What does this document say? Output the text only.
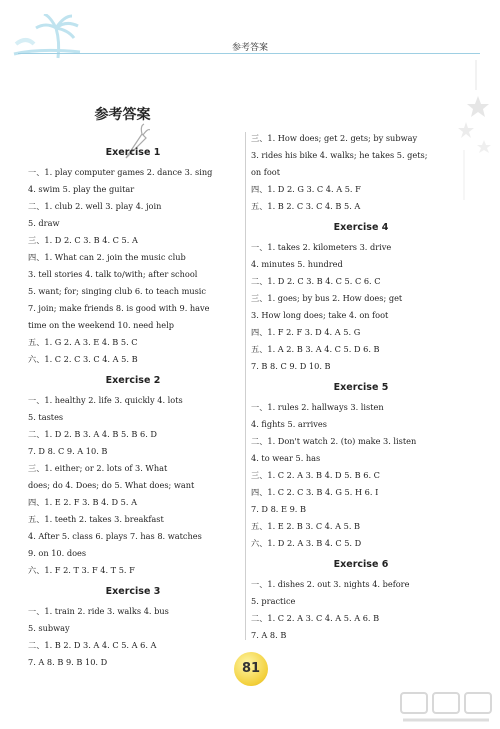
参考答案
参考答案
Exercise 1
一、1. play computer games 2. dance 3. sing
4. swim 5. play the guitar
二、1. club 2. well 3. play 4. join
5. draw
三、1. D 2. C 3. B 4. C 5. A
四、1. What can 2. join the music club
3. tell stories 4. talk to/with; after school
5. want; for; singing club 6. to teach music
7. join; make friends 8. is good with 9. have
time on the weekend 10. need help
五、1. G 2. A 3. E 4. B 5. C
六、1. C 2. C 3. C 4. A 5. B
Exercise 2
一、1. healthy 2. life 3. quickly 4. lots
5. tastes
二、1. D 2. B 3. A 4. B 5. B 6. D
7. D 8. C 9. A 10. B
三、1. either; or 2. lots of 3. What
does; do 4. Does; do 5. What does; want
四、1. E 2. F 3. B 4. D 5. A
五、1. teeth 2. takes 3. breakfast
4. After 5. class 6. plays 7. has 8. watches
9. on 10. does
六、1. F 2. T 3. F 4. T 5. F
Exercise 3
一、1. train 2. ride 3. walks 4. bus
5. subway
二、1. B 2. D 3. A 4. C 5. A 6. A
7. A 8. B 9. B 10. D
三、1. How does; get 2. gets; by subway
3. rides his bike 4. walks; he takes 5. gets;
on foot
四、1. D 2. G 3. C 4. A 5. F
五、1. B 2. C 3. C 4. B 5. A
Exercise 4
一、1. takes 2. kilometers 3. drive
4. minutes 5. hundred
二、1. D 2. C 3. B 4. C 5. C 6. C
三、1. goes; by bus 2. How does; get
3. How long does; take 4. on foot
四、1. F 2. F 3. D 4. A 5. G
五、1. A 2. B 3. A 4. C 5. D 6. B
7. B 8. C 9. D 10. B
Exercise 5
一、1. rules 2. hallways 3. listen
4. fights 5. arrives
二、1. Don't watch 2. (to) make 3. listen
4. to wear 5. has
三、1. C 2. A 3. B 4. D 5. B 6. C
四、1. C 2. C 3. B 4. G 5. H 6. I
7. D 8. E 9. B
五、1. E 2. B 3. C 4. A 5. B
六、1. D 2. A 3. B 4. C 5. D
Exercise 6
一、1. dishes 2. out 3. nights 4. before
5. practice
二、1. C 2. A 3. C 4. A 5. A 6. B
7. A 8. B
81
